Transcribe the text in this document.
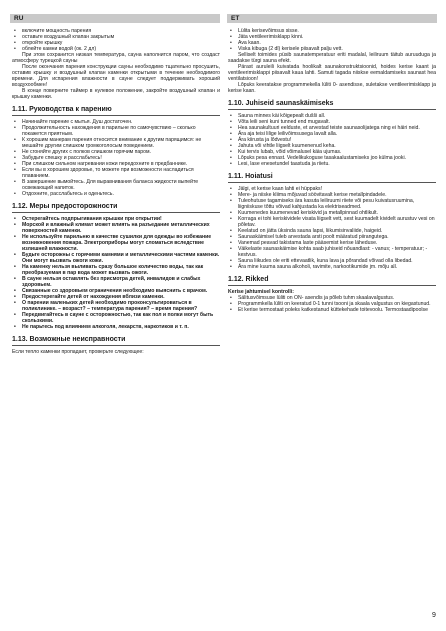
RU	ET
• включите мощность парения
• оставьте воздушный клапан закрытым
• откройте крышку
• облейте камни водой (ок. 2 дл)

При этом сохранится низкая температура, сауна наполнится паром, что создаст атмосферу турецкой сауны

После окончания парения конструкции сауны необходимо тщательно просушить, оставив крышку и воздушный клапан каменки открытыми в течение необходимого времени. Для испарения влажности в сауне следует поддерживать хороший воздухообмен!

В конце поверните таймер в нулевое положение, закройте воздушный клапан и крышку каменки.

1.11. Руководства к парению
• Начинайте парение с мытья. Душ достаточен.
• Продолжительность нахождения в парильне по самочувствию – сколько покажется приятным.
• К хорошим манерам парения относится внимание к другим парящимся: не мешайте другим слишком громкоголосым поведением.
• Не сгоняйте других с полков слишком горячим паром.
• Забудьте спешку и расслабьтесь!
• При слишком сильном нагревании кожи передохните в предбаннике.
• Если вы в хорошем здоровье, то можете при возможности насладиться плаванием.
• В завершение вымойтесь. Для выравнивания баланса жидкости выпейте освежающий напиток.
• Отдохните, расслабьтесь и оденьтесь.
1.12. Меры предосторожности
• Остерегайтесь подпрыгивания крышки при открытии!
• Морской и влажный климат может влиять на разъедание металлических поверхностей каменки.
• Не используйте парильню в качестве сушилки для одежды во избежание возникновения пожара. Электроприборы могут сломаться вследствие излишней влажности.
• Будьте осторожны с горячими камнями и металлическими частями каменки. Они могут вызвать ожоги кожи.
• На каменку нельзя выливать сразу большое количество воды, так как преобразуемая в пар вода может вызвать ожоги.
• В сауне нельзя оставлять без присмотра детей, инвалидов и слабых здоровьем.
• Связанные со здоровьем ограничения необходимо выяснить с врачом.
• Предостерегайте детей от нахождения вблизи каменки.
• О парении маленьких детей необходимо проконсультироваться в поликлинике. – возраст? – температура парения? – время парения?
• Передвигайтесь в сауне с осторожностью, так как пол и полки могут быть скользкими.
• Не парьтесь под влиянием алкоголя, лекарств, наркотиков и т. п.
1.13. Возможные неисправности

Если тепло каменки пропадает, проверьте следующее:

• Lülita kerisevõimsus sisse.
• Jäta ventileerimisklapp kinni.
• Ava kaan.
• Viska kibuga (2 dl) kerisele piisavalt palju vett.

Selliselt toimides püsib saunatemperatuur eriti madalal, leiliruum täitub auruuduga ja saadakse türgi sauna efekt.

Pärast auruleili kuivatada hoolikalt saunakonstruktsioonid, hoides kerise kaant ja ventileerimisklappi piisavalt kaua lahti. Samuti tagada niiskse eemaldamiseks saunast hea ventilatsioon!

Lõpuks keeratakse programmekella lüliti 0- asendisse, suletakse ventileerimisklapp ja kerise kaan.

1.10. Juhiseid saunaskäimiseks
• Sauna minnes käi kõigepealt dušši all.
• Võta leili seni kuni tunned end mugavalt.
• Hea saunakultuuri eelduste, et arvestad teiste saunasolijatega ning ei häiri neid.
• Ära aja teisi lilige leilivõimsusega lavalt alla.
• Ära kiirusta ja lõdvestu!
• Jahuta või vihtle liigselt kuumenenud keha.
• Kui tervis lubab, võid võimalusel käia ujumas.
• Lõpuks pesa ennast. Vedelikukoguse tasakaalustamiseks joo külma jooki.
• Lesi, lase enesetundel taastuda ja riietu.
1.11. Hoiatusi
• Jälgi, et kerise kaan lahti ei hüppaks!
• Mere- ja niiske kliima mõjuvad söövitavalt kerise metallpindadele.
• Tuleohutuse tagamiseks ära kasuta leiliruumi riiete või pesu kuivatusruumina, liigniiskuse tõttu võivad kahjustada ka elektriseadmed.
• Kuumenedes kuumenevad keriskivid ja metallpinnad ohtlikult.
• Korraga ei tohi keriskividele visata liigselt vett, sest kuumadelt kividelt aurustuv vesi on põletav.
• Keelatud on jätta üksinda sauna lapsi, liikumisinvaliide, haigeid.
• Saunaskäimisel tuleb arvestada arsti poolt määratud piirangutega.
• Vanemad peavad takistama laste pääsemist kerise läheduse.
• Väikelaste saunaskäimise kohta saab juhiseid nõuandlast: - vanus; - temperatuur; - kestvus.
• Sauna liikudes ole eriti ettevaatlik, kuna lava ja põrandad võivad olla libedad.
• Ära mine kuuma sauna alkoholi, ravimite, narkootikumide jm. mõju all.
1.12. Rikked

Kerise jahtumisel kontrolli:

• Sälitusvõimsuse lüliti on ON- asendis ja põleb tuhm skaalavalgustus.
• Programmkella lüliti on keeratud 0-1 tunni tsooni ja skaala valgustus on kiegastunud.
• Et kerise termostaat poleks katkestanud küttekehade toitevoolu. Termostaadipoolse
9
